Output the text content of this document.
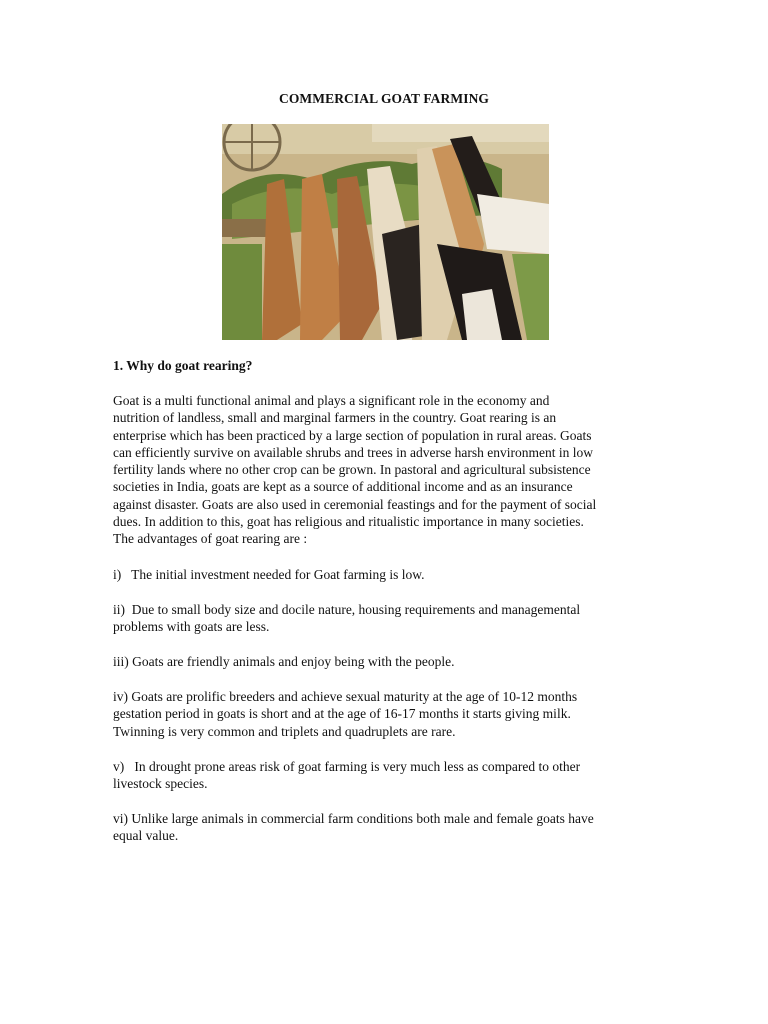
COMMERCIAL GOAT FARMING
1. Why do goat rearing?
Goat is a multi functional animal and plays a significant role in the economy and
nutrition of landless, small and marginal farmers in the country. Goat rearing is an
enterprise which has been practiced by a large section of population in rural areas. Goats
can efficiently survive on available shrubs and trees in adverse harsh environment in low
fertility lands where no other crop can be grown. In pastoral and agricultural subsistence
societies in India, goats are kept as a source of additional income and as an insurance
against disaster. Goats are also used in ceremonial feastings and for the payment of social
dues. In addition to this, goat has religious and ritualistic importance in many societies.
The advantages of goat rearing are :
i)   The initial investment needed for Goat farming is low.
ii)  Due to small body size and docile nature, housing requirements and managemental
problems with goats are less.
iii) Goats are friendly animals and enjoy being with the people.
iv) Goats are prolific breeders and achieve sexual maturity at the age of 10-12 months
gestation period in goats is short and at the age of 16-17 months it starts giving milk.
Twinning is very common and triplets and quadruplets are rare.
v)   In drought prone areas risk of goat farming is very much less as compared to other
livestock species.
vi) Unlike large animals in commercial farm conditions both male and female goats have
equal value.
